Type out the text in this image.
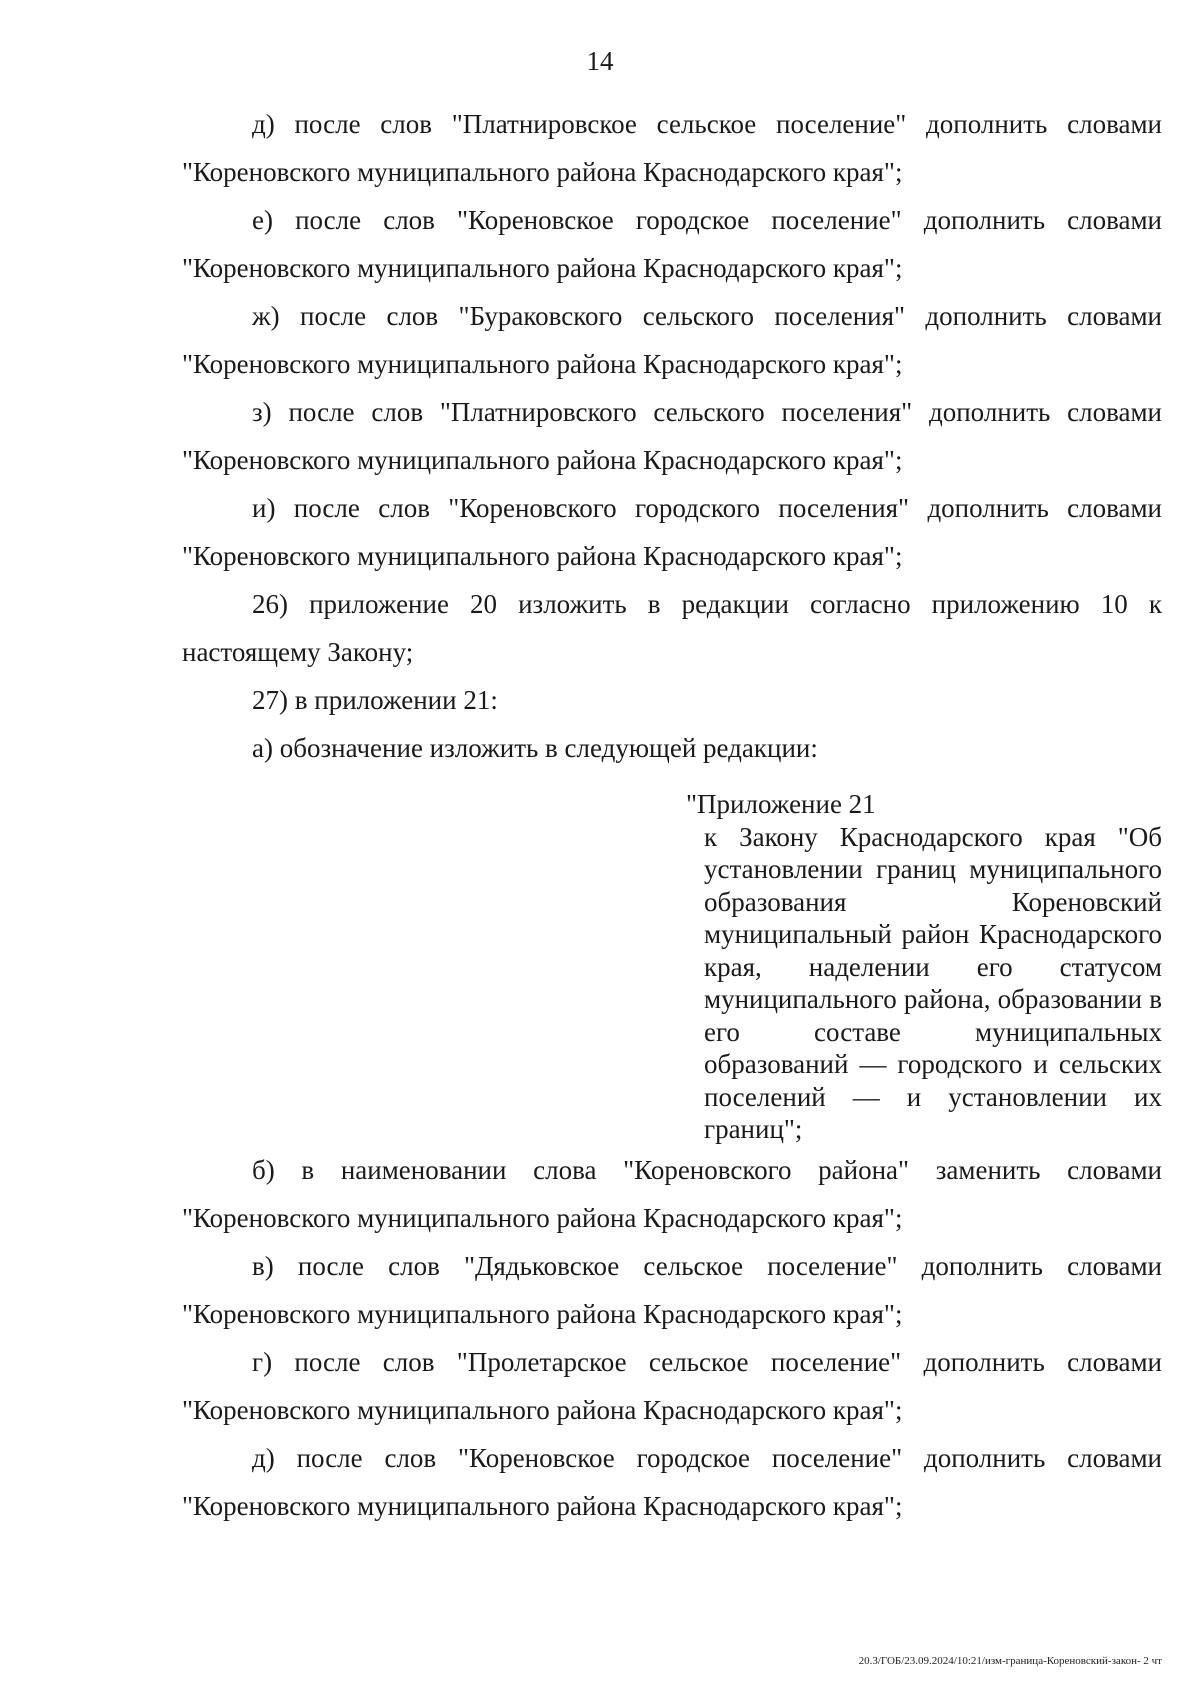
14

д) после слов "Платнировское сельское поселение" дополнить словами "Кореновского муниципального района Краснодарского края";

е) после слов "Кореновское городское поселение" дополнить словами "Кореновского муниципального района Краснодарского края";

ж) после слов "Бураковского сельского поселения" дополнить словами "Кореновского муниципального района Краснодарского края";

з) после слов "Платнировского сельского поселения" дополнить словами "Кореновского муниципального района Краснодарского края";

и) после слов "Кореновского городского поселения" дополнить словами "Кореновского муниципального района Краснодарского края";

26) приложение 20 изложить в редакции согласно приложению 10 к настоящему Закону;

27) в приложении 21:

а) обозначение изложить в следующей редакции:

"Приложение 21

к Закону Краснодарского края "Об установлении границ муниципального образования Кореновский муниципальный район Краснодарского края, наделении его статусом муниципального района, образовании в его составе муниципальных образований — городского и сельских поселений — и установлении их границ";

б) в наименовании слова "Кореновского района" заменить словами "Кореновского муниципального района Краснодарского края";

в) после слов "Дядьковское сельское поселение" дополнить словами "Кореновского муниципального района Краснодарского края";

г) после слов "Пролетарское сельское поселение" дополнить словами "Кореновского муниципального района Краснодарского края";

д) после слов "Кореновское городское поселение" дополнить словами "Кореновского муниципального района Краснодарского края";

20.3/ГОБ/23.09.2024/10:21/изм-граница-Кореновский-закон- 2 чт
